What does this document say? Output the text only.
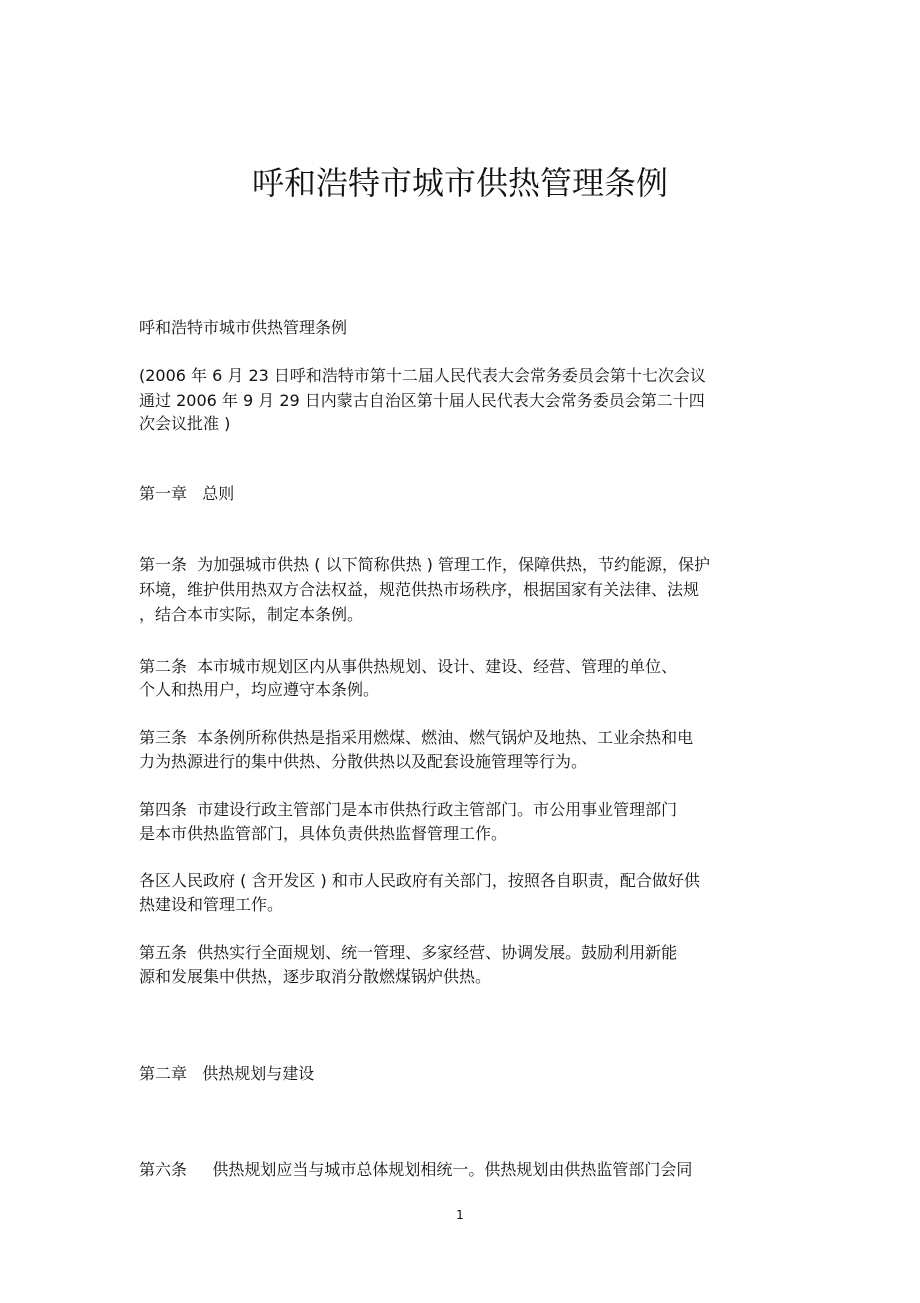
呼和浩特市城市供热管理条例
呼和浩特市城市供热管理条例
(2006 年 6 月 23 日呼和浩特市第十二届人民代表大会常务委员会第十七次会议
通过 2006 年 9 月 29 日内蒙古自治区第十届人民代表大会常务委员会第二十四
次会议批准 )
第一章   总则
第一条  为加强城市供热 ( 以下简称供热 ) 管理工作，保障供热，节约能源，保护
环境，维护供用热双方合法权益，规范供热市场秩序，根据国家有关法律、法规
，结合本市实际，制定本条例。
第二条  本市城市规划区内从事供热规划、设计、建设、经营、管理的单位、
个人和热用户，均应遵守本条例。
第三条  本条例所称供热是指采用燃煤、燃油、燃气锅炉及地热、工业余热和电
力为热源进行的集中供热、分散供热以及配套设施管理等行为。
第四条  市建设行政主管部门是本市供热行政主管部门。市公用事业管理部门
是本市供热监管部门，具体负责供热监督管理工作。
各区人民政府 ( 含开发区 ) 和市人民政府有关部门，按照各自职责，配合做好供
热建设和管理工作。
第五条  供热实行全面规划、统一管理、多家经营、协调发展。鼓励利用新能
源和发展集中供热，逐步取消分散燃煤锅炉供热。
第二章   供热规划与建设
第六条     供热规划应当与城市总体规划相统一。供热规划由供热监管部门会同
1
